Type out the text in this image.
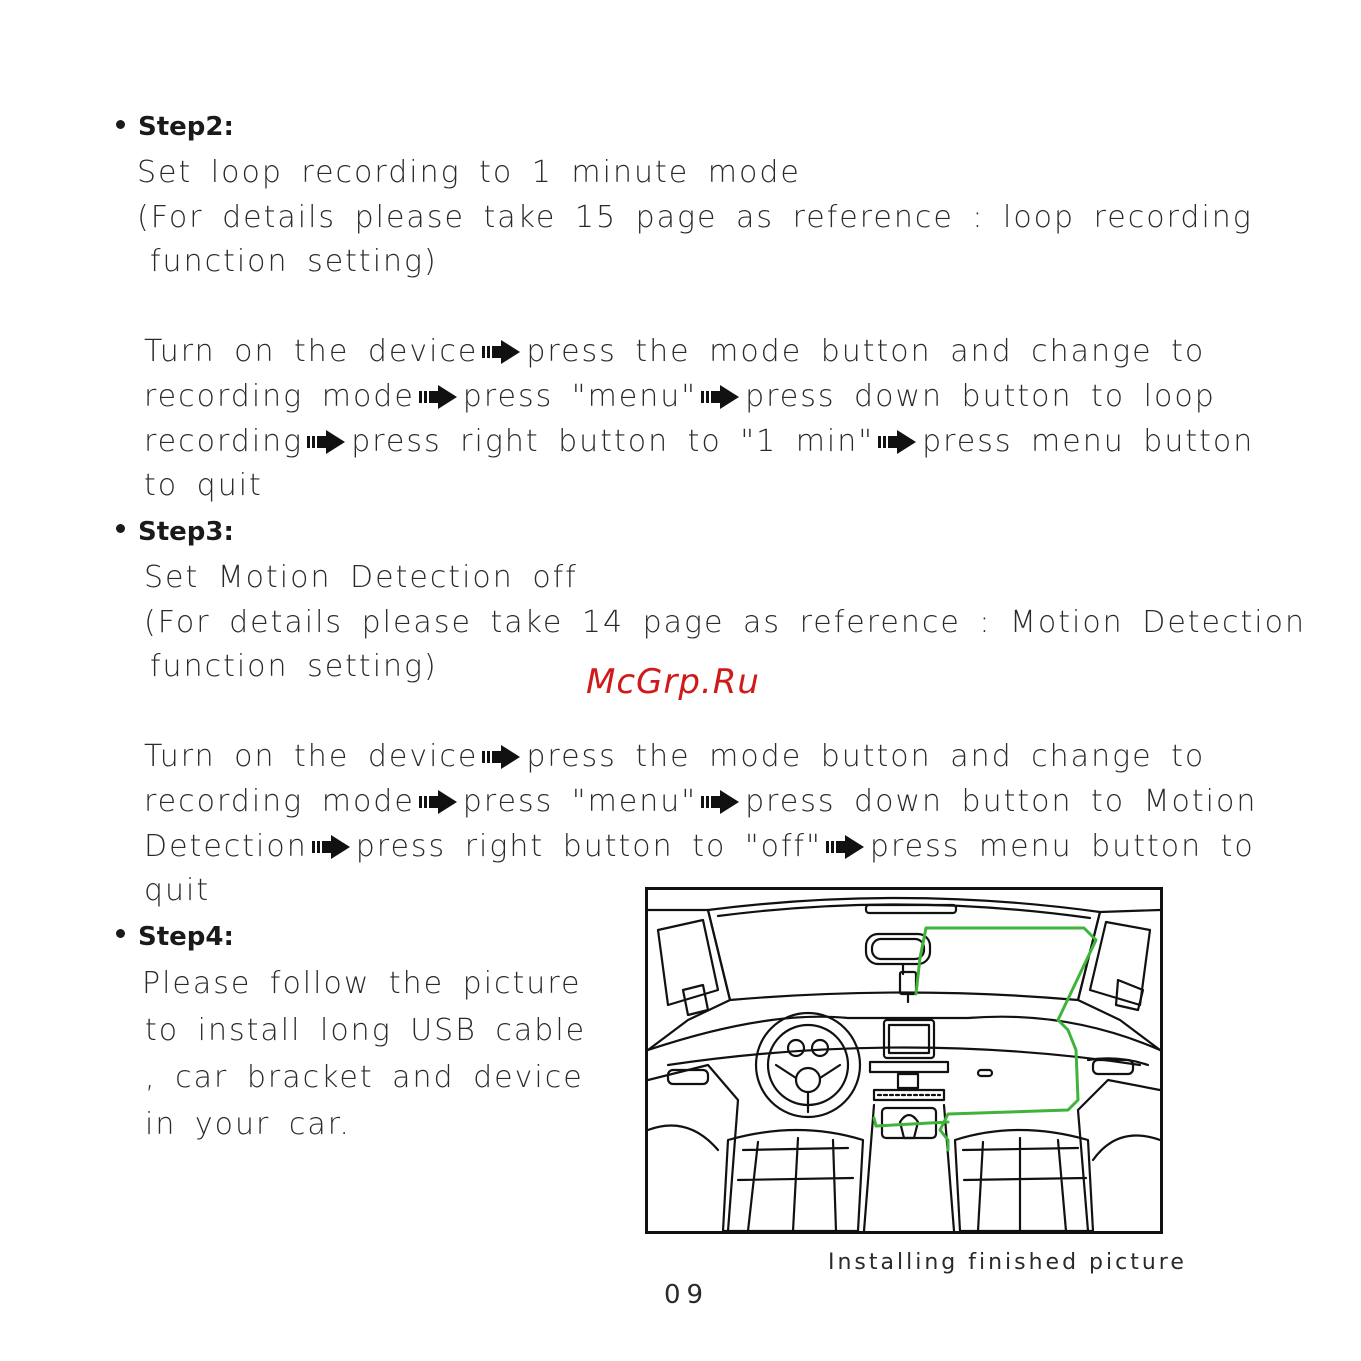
Step2:
Set loop recording to 1 minute mode
(For details please take 15 page as reference : loop recording
function setting)
Turn on the device press the mode button and change to
recording mode press "menu" press down button to loop
recording press right button to "1 min" press menu button
to quit
Step3:
Set Motion Detection off
(For details please take 14 page as reference : Motion Detection
function setting)	McGrp.Ru
Turn on the device press the mode button and change to
recording mode press "menu" press down button to Motion
Detection press right button to "off" press menu button to
quit
Step4:
Please follow the picture
to install long USB cable
, car bracket and device
in your car.
Installing finished picture
09
